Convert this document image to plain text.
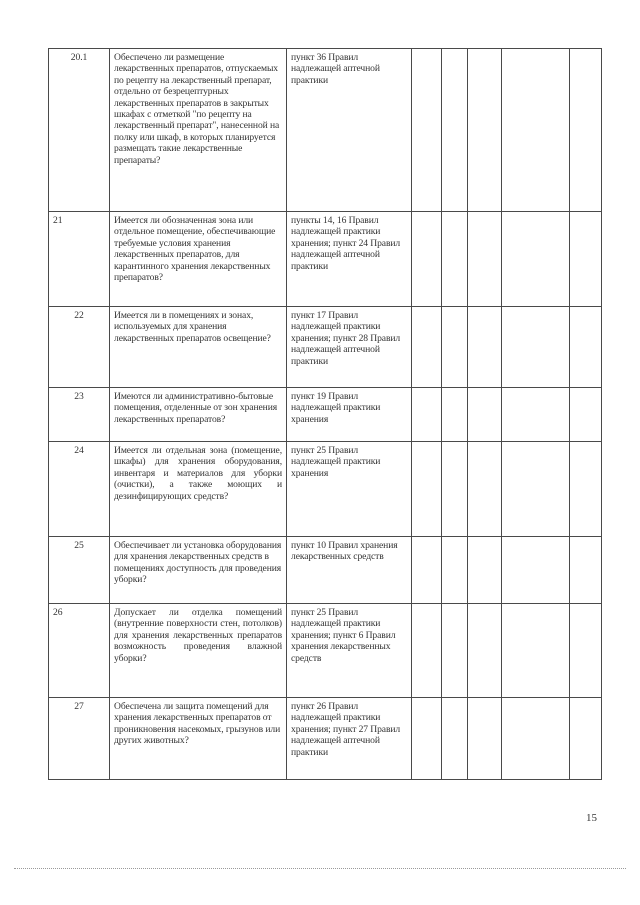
20.1	Обеспечено ли размещение лекарственных препаратов, отпускаемых по рецепту на лекарственный препарат, отдельно от безрецептурных лекарственных препаратов в закрытых шкафах с отметкой "по рецепту на лекарственный препарат", нанесенной на полку или шкаф, в которых планируется размещать такие лекарственные препараты?	пункт 36 Правил надлежащей аптечной практики					
21	Имеется ли обозначенная зона или отдельное помещение, обеспечивающие требуемые условия хранения лекарственных препаратов, для карантинного хранения лекарственных препаратов?	пункты 14, 16 Правил надлежащей практики хранения; пункт 24 Правил надлежащей аптечной практики					
22	Имеется ли в помещениях и зонах, используемых для хранения лекарственных препаратов освещение?	пункт 17 Правил надлежащей практики хранения; пункт 28 Правил надлежащей аптечной практики					
23	Имеются ли административно-бытовые помещения, отделенные от зон хранения лекарственных препаратов?	пункт 19 Правил надлежащей практики хранения					
24	Имеется ли отдельная зона (помещение, шкафы) для хранения оборудования, инвентаря и материалов для уборки (очистки), а также моющих и дезинфицирующих средств?	пункт 25 Правил надлежащей практики хранения					
25	Обеспечивает ли установка оборудования для хранения лекарственных средств в помещениях доступность для проведения уборки?	пункт 10 Правил хранения лекарственных средств					
26	Допускает ли отделка помещений (внутренние поверхности стен, потолков) для хранения лекарственных препаратов возможность проведения влажной уборки?	пункт 25 Правил надлежащей практики хранения; пункт 6 Правил хранения лекарственных средств					
27	Обеспечена ли защита помещений для хранения лекарственных препаратов от проникновения насекомых, грызунов или других животных?	пункт 26 Правил надлежащей практики хранения; пункт 27 Правил надлежащей аптечной практики					
15
